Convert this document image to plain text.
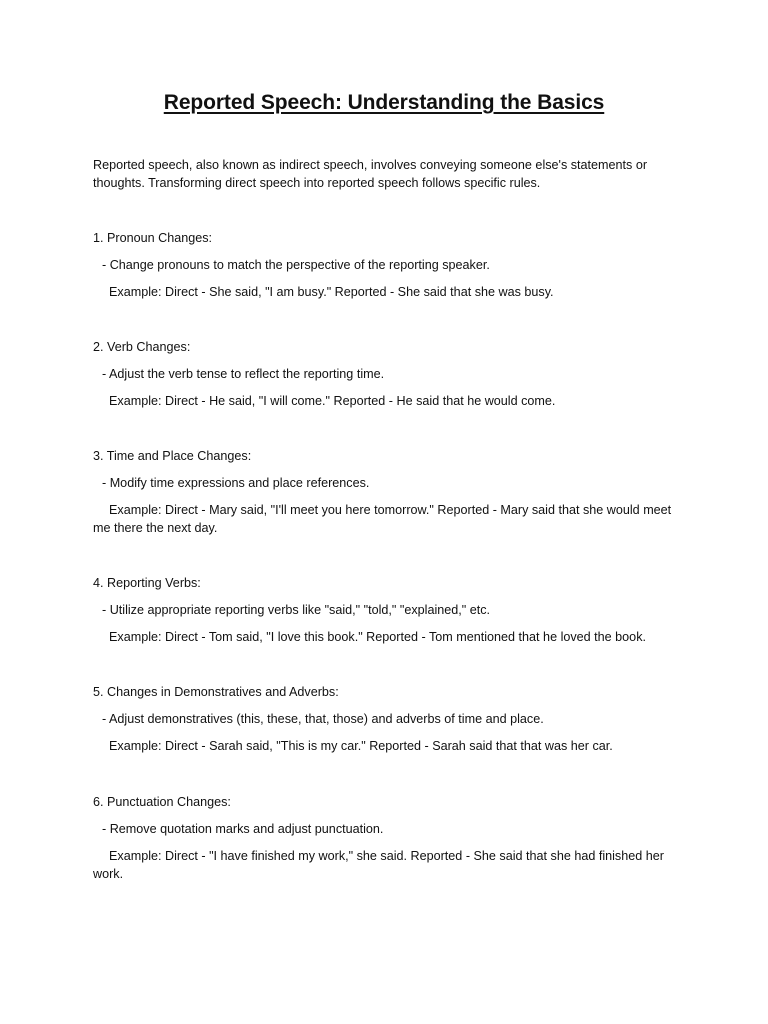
Reported Speech: Understanding the Basics

Reported speech, also known as indirect speech, involves conveying someone else's statements or thoughts. Transforming direct speech into reported speech follows specific rules.

1. Pronoun Changes:

- Change pronouns to match the perspective of the reporting speaker.

Example: Direct - She said, "I am busy." Reported - She said that she was busy.

2. Verb Changes:

- Adjust the verb tense to reflect the reporting time.

Example: Direct - He said, "I will come." Reported - He said that he would come.

3. Time and Place Changes:

- Modify time expressions and place references.

Example: Direct - Mary said, "I'll meet you here tomorrow." Reported - Mary said that she would meet me there the next day.

4. Reporting Verbs:

- Utilize appropriate reporting verbs like "said," "told," "explained," etc.

Example: Direct - Tom said, "I love this book." Reported - Tom mentioned that he loved the book.

5. Changes in Demonstratives and Adverbs:

- Adjust demonstratives (this, these, that, those) and adverbs of time and place.

Example: Direct - Sarah said, "This is my car." Reported - Sarah said that that was her car.

6. Punctuation Changes:

- Remove quotation marks and adjust punctuation.

Example: Direct - "I have finished my work," she said. Reported - She said that she had finished her work.
